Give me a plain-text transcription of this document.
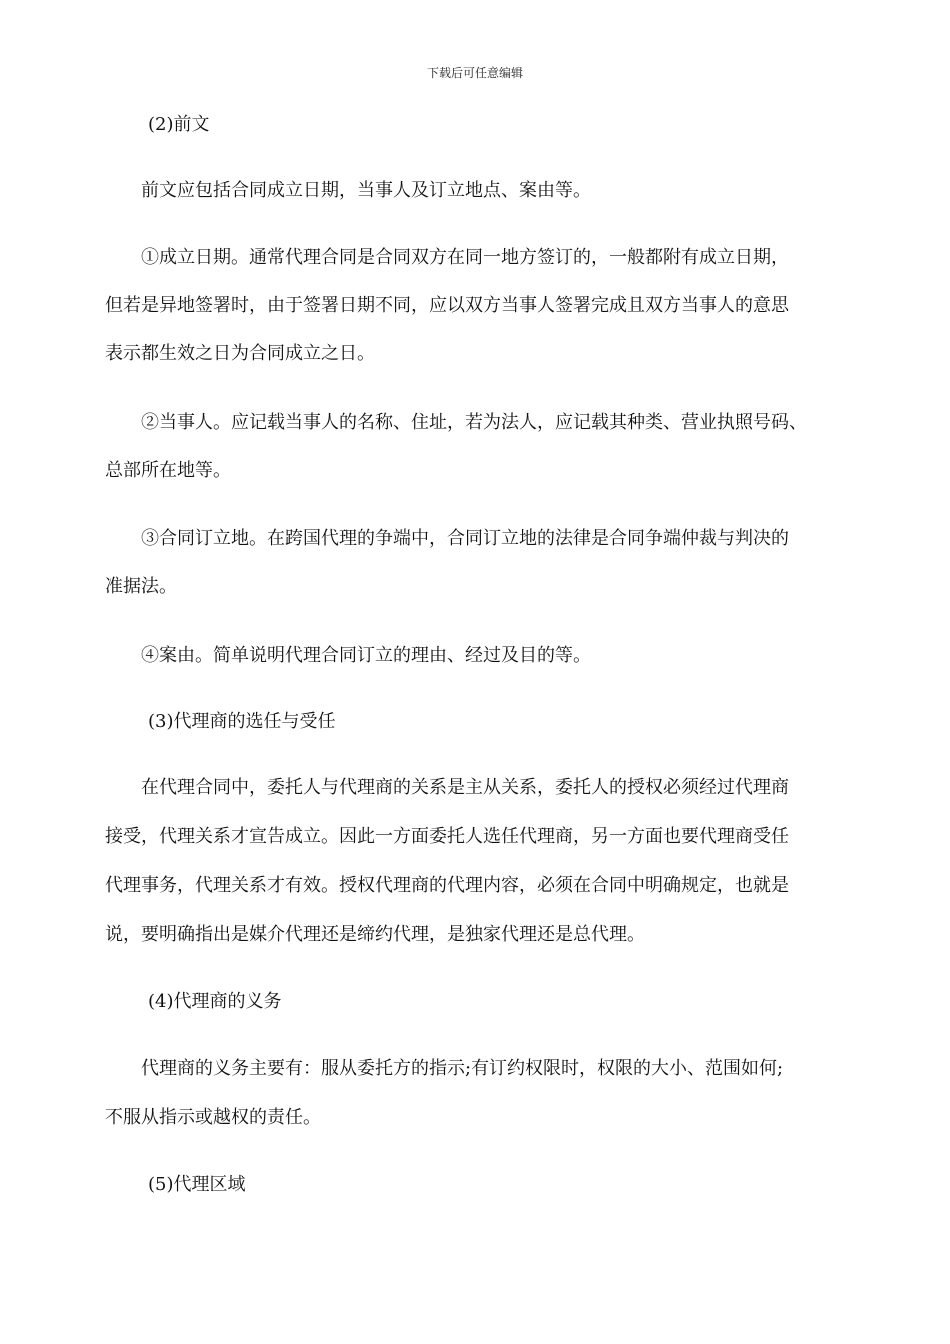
下载后可任意编辑
(2)前文
前文应包括合同成立日期，当事人及订立地点、案由等。
①成立日期。通常代理合同是合同双方在同一地方签订的，一般都附有成立日期，
但若是异地签署时，由于签署日期不同，应以双方当事人签署完成且双方当事人的意思
表示都生效之日为合同成立之日。
②当事人。应记载当事人的名称、住址，若为法人，应记载其种类、营业执照号码、
总部所在地等。
③合同订立地。在跨国代理的争端中，合同订立地的法律是合同争端仲裁与判决的
准据法。
④案由。简单说明代理合同订立的理由、经过及目的等。
(3)代理商的选任与受任
在代理合同中，委托人与代理商的关系是主从关系，委托人的授权必须经过代理商
接受，代理关系才宣告成立。因此一方面委托人选任代理商，另一方面也要代理商受任
代理事务，代理关系才有效。授权代理商的代理内容，必须在合同中明确规定，也就是
说，要明确指出是媒介代理还是缔约代理，是独家代理还是总代理。
(4)代理商的义务
代理商的义务主要有：服从委托方的指示;有订约权限时，权限的大小、范围如何;
不服从指示或越权的责任。
(5)代理区域
